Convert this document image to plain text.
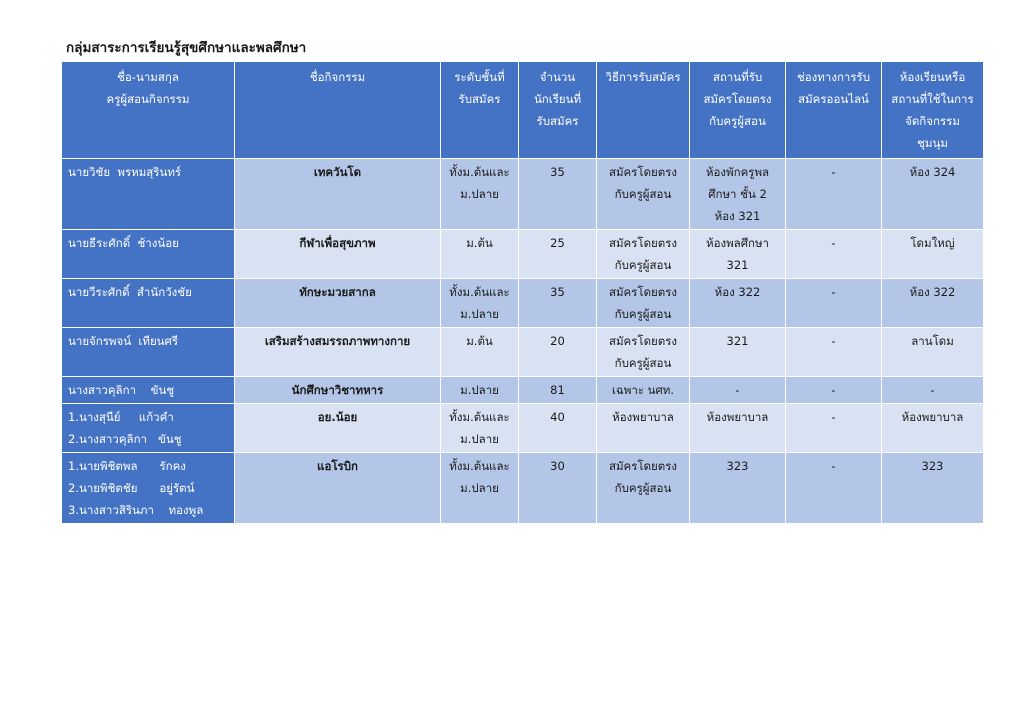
กลุ่มสาระการเรียนรู้สุขศึกษาและพลศึกษา
ชื่อ-นามสกุล
ครูผู้สอนกิจกรรม	ชื่อกิจกรรม	ระดับชั้นที่
รับสมัคร	จำนวน
นักเรียนที่
รับสมัคร	วิธีการรับสมัคร	สถานที่รับ
สมัครโดยตรง
กับครูผู้สอน	ช่องทางการรับ
สมัครออนไลน์	ห้องเรียนหรือ
สถานที่ใช้ในการ
จัดกิจกรรม
ชุมนุม

นายวิชัย  พรหมสุรินทร์	เทควันโด	ทั้งม.ต้นและ
ม.ปลาย	35	สมัครโดยตรง
กับครูผู้สอน	ห้องพักครูพล
ศึกษา ชั้น 2
ห้อง 321	-	ห้อง 324

นายธีระศักดิ์  ช้างน้อย	กีฬาเพื่อสุขภาพ	ม.ต้น	25	สมัครโดยตรง
กับครูผู้สอน	ห้องพลศึกษา
321	-	โดมใหญ่

นายวีระศักดิ์  สำนักวังชัย	ทักษะมวยสากล	ทั้งม.ต้นและ
ม.ปลาย	35	สมัครโดยตรง
กับครูผู้สอน	ห้อง 322	-	ห้อง 322

นายจักรพจน์  เทียนศรี	เสริมสร้างสมรรถภาพทางกาย	ม.ต้น	20	สมัครโดยตรง
กับครูผู้สอน	321	-	ลานโดม

นางสาวคุลิกา    ขันชู	นักศึกษาวิชาทหาร	ม.ปลาย	81	เฉพาะ นศท.	-	-	-

1.นางสุนีย์     แก้วคำ
2.นางสาวคุลิกา   ขันชู	อย.น้อย	ทั้งม.ต้นและ
ม.ปลาย	40	ห้องพยาบาล	ห้องพยาบาล	-	ห้องพยาบาล

1.นายพิชิตพล      รักคง
2.นายพิชิตชัย      อยู่รัตน์
3.นางสาวสิรินภา    ทองพูล	แอโรบิก	ทั้งม.ต้นและ
ม.ปลาย	30	สมัครโดยตรง
กับครูผู้สอน	323	-	323
